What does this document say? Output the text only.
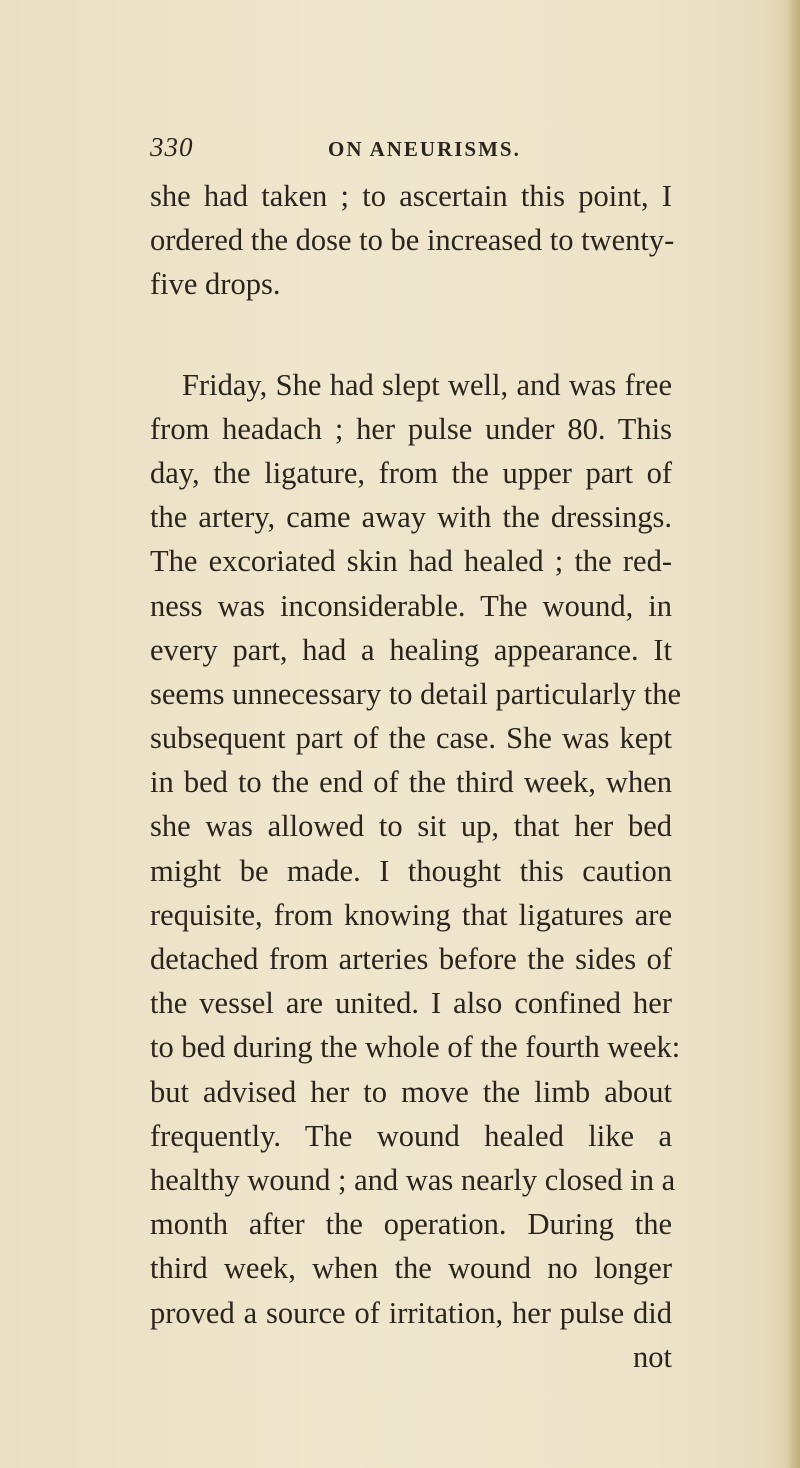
330	ON ANEURISMS.
she had taken ; to ascertain this point, I
ordered the dose to be increased to twenty-
five drops.
Friday, She had slept well, and was free
from headach ; her pulse under 80. This
day, the ligature, from the upper part of
the artery, came away with the dressings.
The excoriated skin had healed ; the red-
ness was inconsiderable. The wound, in
every part, had a healing appearance. It
seems unnecessary to detail particularly the
subsequent part of the case. She was kept
in bed to the end of the third week, when
she was allowed to sit up, that her bed
might be made. I thought this caution
requisite, from knowing that ligatures are
detached from arteries before the sides of
the vessel are united. I also confined her
to bed during the whole of the fourth week:
but advised her to move the limb about
frequently. The wound healed like a
healthy wound ; and was nearly closed in a
month after the operation. During the
third week, when the wound no longer
proved a source of irritation, her pulse did
not
